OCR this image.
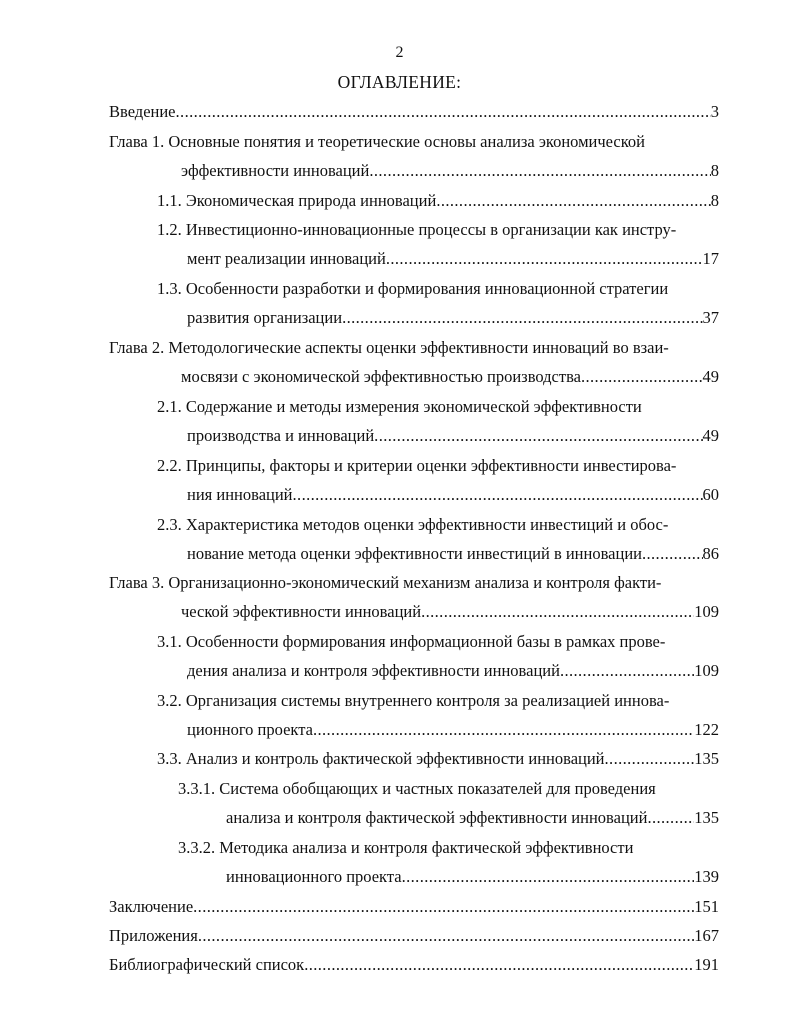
2
ОГЛАВЛЕНИЕ:
Введение .....	3
Глава 1. Основные понятия и теоретические основы анализа экономической
эффективности инноваций .....	8
1.1. Экономическая природа инноваций .....	8
1.2. Инвестиционно-инновационные процессы в организации как инстру-
мент реализации инноваций .....	17
1.3. Особенности разработки и формирования инновационной стратегии
развития организации .....	37
Глава 2. Методологические аспекты оценки эффективности инноваций во взаи-
мосвязи с экономической эффективностью производства .....	49
2.1. Содержание и методы измерения экономической эффективности
производства и инноваций .....	49
2.2. Принципы, факторы и критерии оценки эффективности инвестирова-
ния инноваций .....	60
2.3. Характеристика методов оценки эффективности инвестиций и обос-
нование метода оценки эффективности инвестиций в инновации .....	86
Глава 3. Организационно-экономический механизм анализа и контроля факти-
ческой эффективности инноваций .....	109
3.1. Особенности формирования информационной базы в рамках прове-
дения анализа и контроля эффективности инноваций .....	109
3.2. Организация системы внутреннего контроля за реализацией иннова-
ционного проекта .....	122
3.3. Анализ и контроль фактической эффективности инноваций .....	135
3.3.1. Система обобщающих и частных показателей для проведения
анализа и контроля фактической эффективности инноваций .....	135
3.3.2. Методика анализа и контроля фактической эффективности
инновационного проекта .....	139
Заключение .....	151
Приложения .....	167
Библиографический список .....	191
